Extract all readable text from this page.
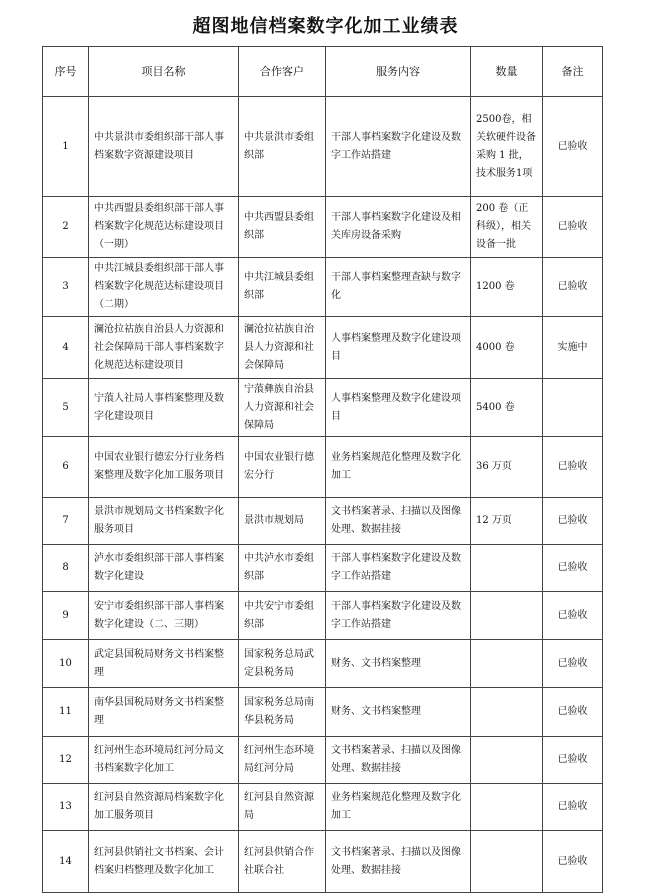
超图地信档案数字化加工业绩表
序号	项目名称	合作客户	服务内容	数量	备注
1	中共景洪市委组织部干部人事档案数字资源建设项目	中共景洪市委组织部	干部人事档案数字化建设及数字工作站搭建	2500卷，相关软硬件设备采购 1 批，技术服务1项	已验收
2	中共西盟县委组织部干部人事档案数字化规范达标建设项目（一期）	中共西盟县委组织部	干部人事档案数字化建设及相关库房设备采购	200 卷（正科级），相关设备一批	已验收
3	中共江城县委组织部干部人事档案数字化规范达标建设项目（二期）	中共江城县委组织部	干部人事档案整理查缺与数字化	1200 卷	已验收
4	澜沧拉祜族自治县人力资源和社会保障局干部人事档案数字化规范达标建设项目	澜沧拉祜族自治县人力资源和社会保障局	人事档案整理及数字化建设项目	4000 卷	实施中
5	宁蒗人社局人事档案整理及数字化建设项目	宁蒗彝族自治县人力资源和社会保障局	人事档案整理及数字化建设项目	5400 卷	
6	中国农业银行德宏分行业务档案整理及数字化加工服务项目	中国农业银行德宏分行	业务档案规范化整理及数字化加工	36 万页	已验收
7	景洪市规划局文书档案数字化服务项目	景洪市规划局	文书档案著录、扫描以及图像处理、数据挂接	12 万页	已验收
8	泸水市委组织部干部人事档案数字化建设	中共泸水市委组织部	干部人事档案数字化建设及数字工作站搭建		已验收
9	安宁市委组织部干部人事档案数字化建设（二、三期）	中共安宁市委组织部	干部人事档案数字化建设及数字工作站搭建		已验收
10	武定县国税局财务文书档案整理	国家税务总局武定县税务局	财务、文书档案整理		已验收
11	南华县国税局财务文书档案整理	国家税务总局南华县税务局	财务、文书档案整理		已验收
12	红河州生态环境局红河分局文书档案数字化加工	红河州生态环境局红河分局	文书档案著录、扫描以及图像处理、数据挂接		已验收
13	红河县自然资源局档案数字化加工服务项目	红河县自然资源局	业务档案规范化整理及数字化加工		已验收
14	红河县供销社文书档案、会计档案归档整理及数字化加工	红河县供销合作社联合社	文书档案著录、扫描以及图像处理、数据挂接		已验收
